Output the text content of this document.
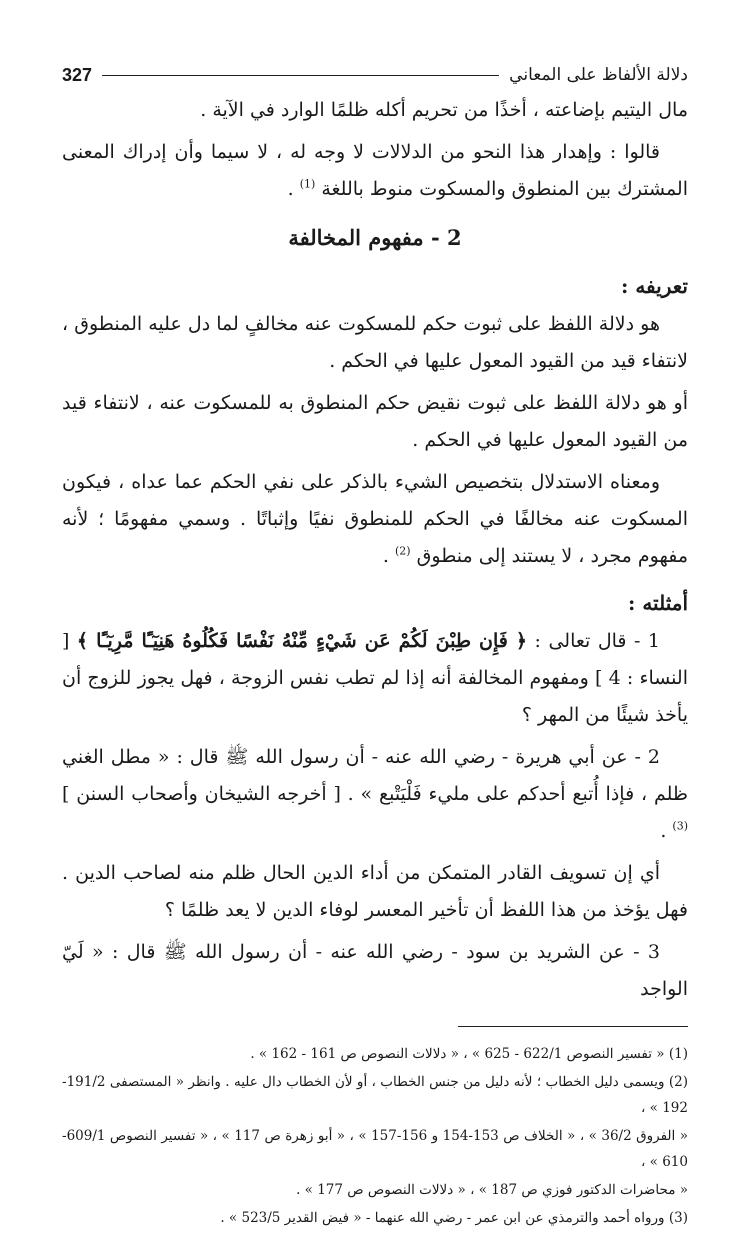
دلالة الألفاظ على المعاني
327

مال اليتيم بإضاعته ، أخذًا من تحريم أكله ظلمًا الوارد في الآية .

قالوا : وإهدار هذا النحو من الدلالات لا وجه له ، لا سيما وأن إدراك المعنى المشترك بين المنطوق والمسكوت منوط باللغة $^{(1)}$ .

2 - مفهوم المخالفة
تعريفه :

هو دلالة اللفظ على ثبوت حكم للمسكوت عنه مخالفٍ لما دل عليه المنطوق ، لانتفاء قيد من القيود المعول عليها في الحكم .

أو هو دلالة اللفظ على ثبوت نقيض حكم المنطوق به للمسكوت عنه ، لانتفاء قيد من القيود المعول عليها في الحكم .

ومعناه الاستدلال بتخصيص الشيء بالذكر على نفي الحكم عما عداه ، فيكون المسكوت عنه مخالفًا في الحكم للمنطوق نفيًا وإثباتًا . وسمي مفهومًا ؛ لأنه مفهوم مجرد ، لا يستند إلى منطوق $^{(2)}$ .

أمثلته :

1 - قال تعالى : ﴿ فَإِن طِبْنَ لَكُمْ عَن شَيْءٍ مِّنْهُ نَفْسًا فَكُلُوهُ هَنِيٓـًٔا مَّرِيٓـًٔا ﴾ [ النساء : 4 ] ومفهوم المخالفة أنه إذا لم تطب نفس الزوجة ، فهل يجوز للزوج أن يأخذ شيئًا من المهر ؟

2 - عن أبي هريرة - رضي الله عنه - أن رسول الله ﷺ قال : « مطل الغني ظلم ، فإذا أُتبع أحدكم على مليء فَلْيَتْبع » . [ أخرجه الشيخان وأصحاب السنن ] $^{(3)}$ .

أي إن تسويف القادر المتمكن من أداء الدين الحال ظلم منه لصاحب الدين . فهل يؤخذ من هذا اللفظ أن تأخير المعسر لوفاء الدين لا يعد ظلمًا ؟

3 - عن الشريد بن سود - رضي الله عنه - أن رسول الله ﷺ قال : « لَيّ الواجد

(1) « تفسير النصوص 622/1 - 625 » ، « دلالات النصوص ص 161 - 162 » .

(2) ويسمى دليل الخطاب ؛ لأنه دليل من جنس الخطاب ، أو لأن الخطاب دال عليه . وانظر « المستصفى 191/2-192 » ،

« الفروق 36/2 » ، « الخلاف ص 153-154 و 156-157 » ، « أبو زهرة ص 117 » ، « تفسير النصوص 609/1-610 » ،

« محاضرات الدكتور فوزي ص 187 » ، « دلالات النصوص ص 177 » .

(3) ورواه أحمد والترمذي عن ابن عمر - رضي الله عنهما - « فيض القدير 523/5 » .
